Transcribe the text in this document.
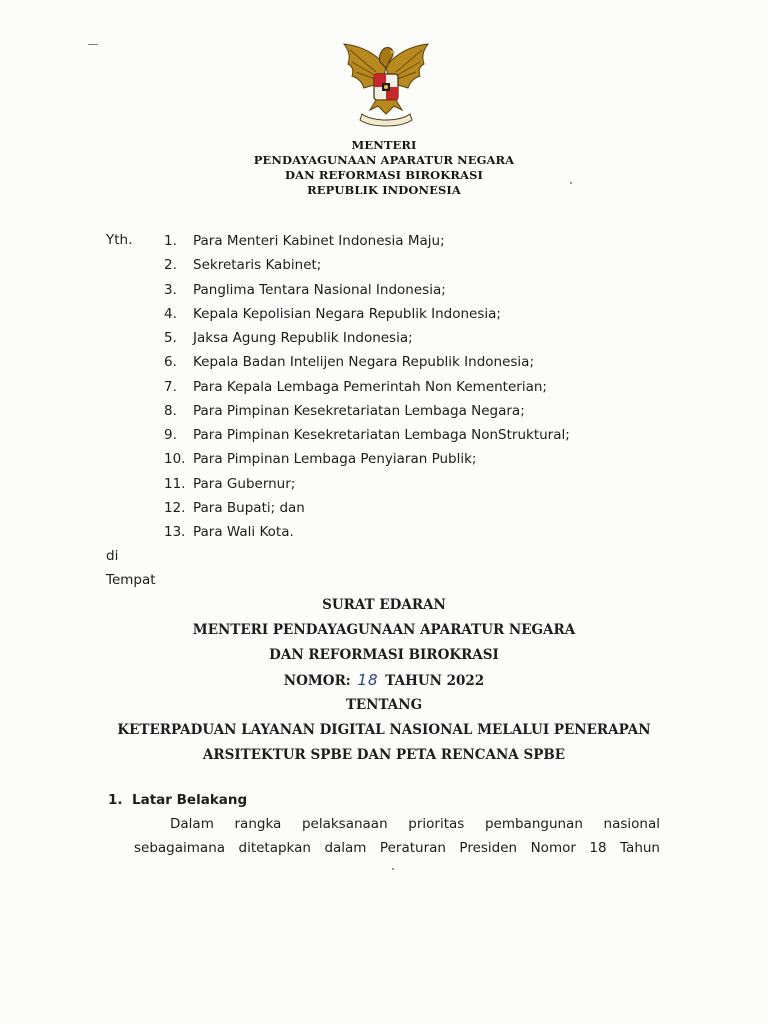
MENTERI
PENDAYAGUNAAN APARATUR NEGARA
DAN REFORMASI BIROKRASI
REPUBLIK INDONESIA
Yth. 1. Para Menteri Kabinet Indonesia Maju;
2. Sekretaris Kabinet;
3. Panglima Tentara Nasional Indonesia;
4. Kepala Kepolisian Negara Republik Indonesia;
5. Jaksa Agung Republik Indonesia;
6. Kepala Badan Intelijen Negara Republik Indonesia;
7. Para Kepala Lembaga Pemerintah Non Kementerian;
8. Para Pimpinan Kesekretariatan Lembaga Negara;
9. Para Pimpinan Kesekretariatan Lembaga NonStruktural;
10. Para Pimpinan Lembaga Penyiaran Publik;
11. Para Gubernur;
12. Para Bupati; dan
13. Para Wali Kota.
di
Tempat
SURAT EDARAN
MENTERI PENDAYAGUNAAN APARATUR NEGARA
DAN REFORMASI BIROKRASI
NOMOR: 18 TAHUN 2022
TENTANG
KETERPADUAN LAYANAN DIGITAL NASIONAL MELALUI PENERAPAN
ARSITEKTUR SPBE DAN PETA RENCANA SPBE
1. Latar Belakang
Dalam rangka pelaksanaan prioritas pembangunan nasional
sebagaimana ditetapkan dalam Peraturan Presiden Nomor 18 Tahun
